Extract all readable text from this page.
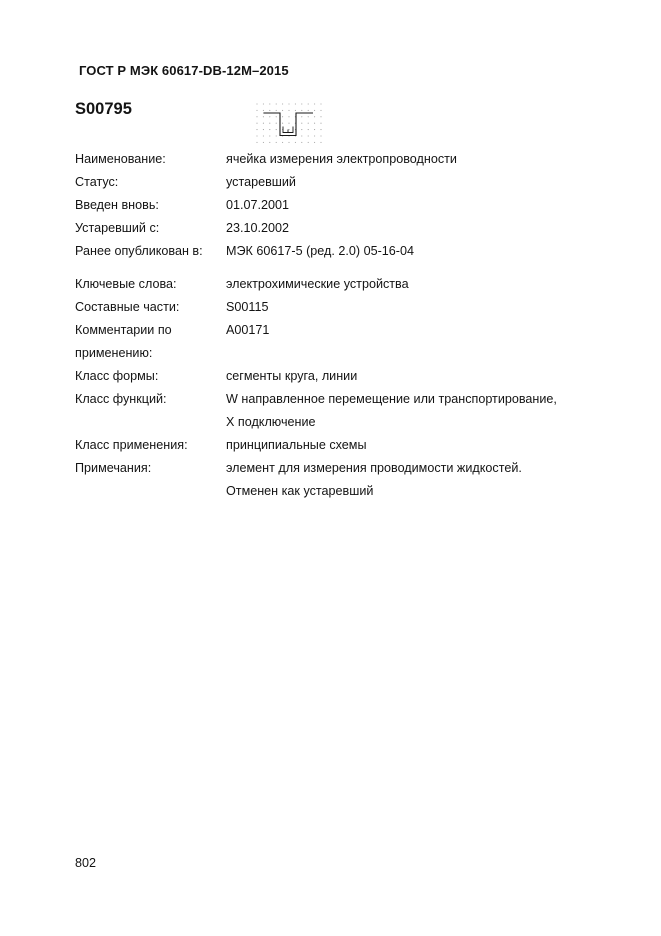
ГОСТ Р МЭК 60617-DB-12M–2015
S00795
Наименование:	ячейка измерения электропроводности
Статус:	устаревший
Введен вновь:	01.07.2001
Устаревший с:	23.10.2002
Ранее опубликован в:	МЭК 60617-5 (ред. 2.0) 05-16-04
Ключевые слова:	электрохимические устройства
Составные части:	S00115
Комментарии по применению:
A00171
Класс формы:	сегменты круга, линии
Класс функций:	W направленное перемещение или транспортирование,
X подключение
Класс применения:	принципиальные схемы
Примечания:	элемент для измерения проводимости жидкостей.
Отменен как устаревший
802
